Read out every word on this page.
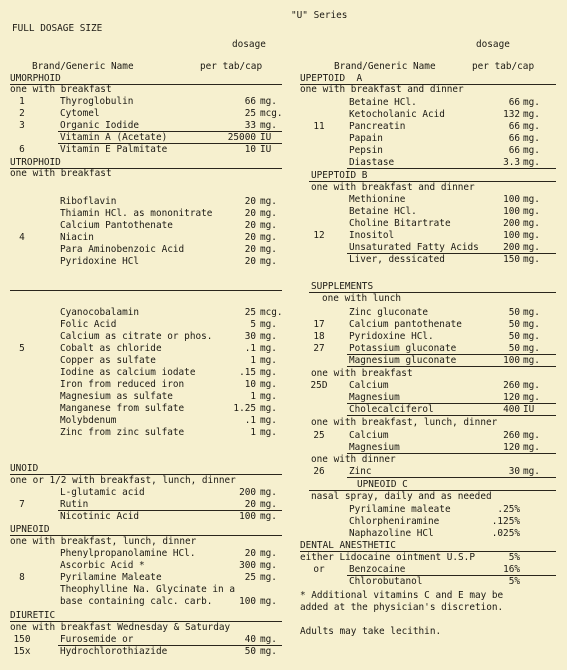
FULL DOSAGE SIZE
"U" Series
dosage
Brand/Generic Name	per tab/cap
dosage
Brand/Generic Name	per tab/cap
UMORPHOID
one with breakfast
1	Thyroglobulin	66 mg.
2	Cytomel	25 mcg.
3	Organic Iodide	33 mg.
Vitamin A (Acetate)	25000 IU
6	Vitamin E Palmitate	10 IU
UTROPHOID
one with breakfast
Riboflavin	20 mg.
Thiamin HCl. as mononitrate	20 mg.
Calcium Pantothenate	20 mg.
4	Niacin	20 mg.
Para Aminobenzoic Acid	20 mg.
Pyridoxine HCl	20 mg.
Cyanocobalamin	25 mcg.
Folic Acid	5 mg.
Calcium as citrate or phos.	30 mg.
5	Cobalt as chloride	.1 mg.
Copper as sulfate	1 mg.
Iodine as calcium iodate	.15 mg.
Iron from reduced iron	10 mg.
Magnesium as sulfate	1 mg.
Manganese from sulfate	1.25 mg.
Molybdenum	.1 mg.
Zinc from zinc sulfate	1 mg.
UNOID
one or 1/2 with breakfast, lunch, dinner
L-glutamic acid	200 mg.
7	Rutin	20 mg.
Nicotinic Acid	100 mg.
UPNEOID
one with breakfast, lunch, dinner
Phenylpropanolamine HCl.	20 mg.
Ascorbic Acid *	300 mg.
8	Pyrilamine Maleate	25 mg.
Theophylline Na. Glycinate in a
base containing calc. carb.	100 mg.
DIURETIC
one with breakfast Wednesday & Saturday
150	Furosemide or	40 mg.
15x	Hydrochlorothiazide	50 mg.
UPEPTOID  A
one with breakfast and dinner
Betaine HCl.	66 mg.
Ketocholanic Acid	132 mg.
11	Pancreatin	66 mg.
Papain	66 mg.
Pepsin	66 mg.
Diastase	3.3 mg.
UPEPTOID B
one with breakfast and dinner
Methionine	100 mg.
Betaine HCl.	100 mg.
Choline Bitartrate	200 mg.
12	Inositol	100 mg.
Unsaturated Fatty Acids	200 mg.
Liver, dessicated	150 mg.
SUPPLEMENTS
one with lunch
Zinc gluconate	50 mg.
17	Calcium pantothenate	50 mg.
18	Pyridoxine HCl.	50 mg.
27	Potassium gluconate	50 mg.
Magnesium gluconate	100 mg.
one with breakfast
25D	Calcium	260 mg.
Magnesium	120 mg.
Cholecalciferol	400 IU
one with breakfast, lunch, dinner
25	Calcium	260 mg.
Magnesium	120 mg.
one with dinner
26	Zinc	30 mg.
UPNEOID C
nasal spray, daily and as needed
Pyrilamine maleate	.25%
Chlorpheniramine	.125%
Naphazoline HCl	.025%
DENTAL ANESTHETIC
either Lidocaine ointment U.S.P	5%
or	Benzocaine	16%
Chlorobutanol	5%
* Additional vitamins C and E may be
added at the physician's discretion.
Adults may take lecithin.
